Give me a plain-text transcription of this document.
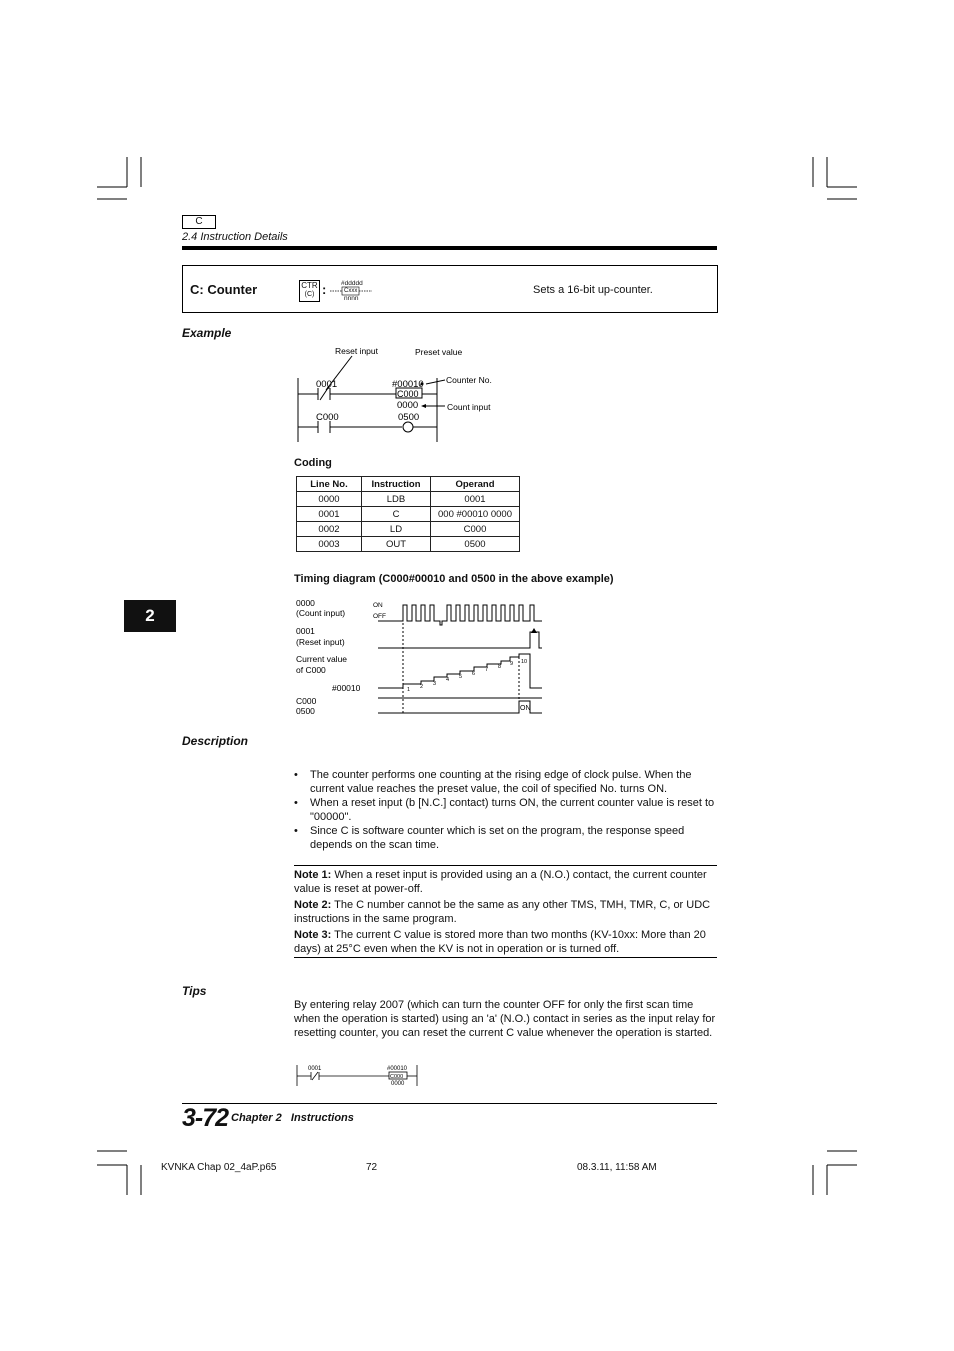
C
2.4 Instruction Details
C: Counter	CTR
(C) : #ddddd
Cxxx
nnnn
Sets a 16-bit up-counter.
Example
Reset input	Preset value
Counter No.
Count input
0001
C000
#00010
C000
0000
0500
Coding
Line No.	Instruction	Operand
0000	LDB	0001
0001	C	000 #00010 0000
0002	LD	C000
0003	OUT	0500
Timing diagram (C000#00010 and 0500 in the above example)
0000
(Count input)
ON
OFF
0001
(Reset input)
Current value
of C000
#00010
C000
0500	ON
1 2 3
4 5 6
7 8 9 10
2
Description
• The counter performs one counting at the rising edge of clock pulse. When the current value reaches the preset value, the coil of specified No. turns ON.
• When a reset input (b [N.C.] contact) turns ON, the current counter value is reset to "00000".
• Since C is software counter which is set on the program, the response speed depends on the scan time.
Note 1: When a reset input is provided using an a (N.O.) contact, the current counter value is reset at power-off.
Note 2: The C number cannot be the same as any other TMS, TMH, TMR, C, or UDC instructions in the same program.
Note 3: The current C value is stored more than two months (KV-10xx: More than 20 days) at 25°C even when the KV is not in operation or is turned off.
Tips
By entering relay 2007 (which can turn the counter OFF for only the first scan time when the operation is started) using an 'a' (N.O.) contact in series as the input relay for resetting counter, you can reset the current C value whenever the operation is started.
0001	#00010
C000
0000
3-72 Chapter 2 Instructions
KVNKA Chap 02_4aP.p65	72	08.3.11, 11:58 AM
